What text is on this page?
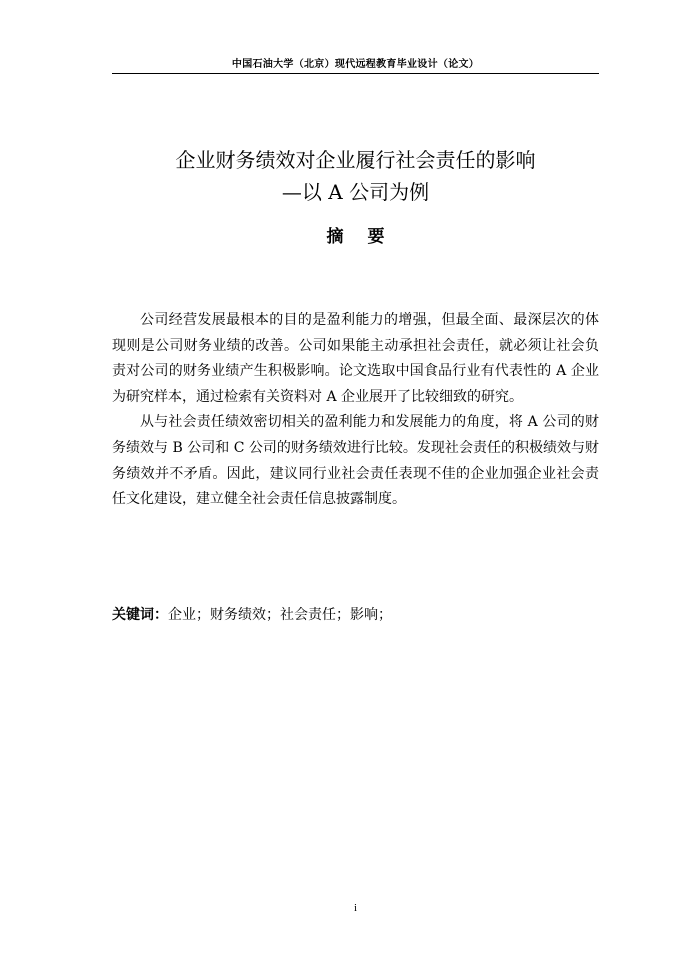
中国石油大学（北京）现代远程教育毕业设计（论文）
企业财务绩效对企业履行社会责任的影响
—以 A 公司为例
摘 要

公司经营发展最根本的目的是盈利能力的增强，但最全面、最深层次的体现则是公司财务业绩的改善。公司如果能主动承担社会责任，就必须让社会负责对公司的财务业绩产生积极影响。论文选取中国食品行业有代表性的 A 企业为研究样本，通过检索有关资料对 A 企业展开了比较细致的研究。

从与社会责任绩效密切相关的盈利能力和发展能力的角度，将 A 公司的财务绩效与 B 公司和 C 公司的财务绩效进行比较。发现社会责任的积极绩效与财务绩效并不矛盾。因此，建议同行业社会责任表现不佳的企业加强企业社会责任文化建设，建立健全社会责任信息披露制度。

关键词：企业；财务绩效；社会责任；影响；
i
